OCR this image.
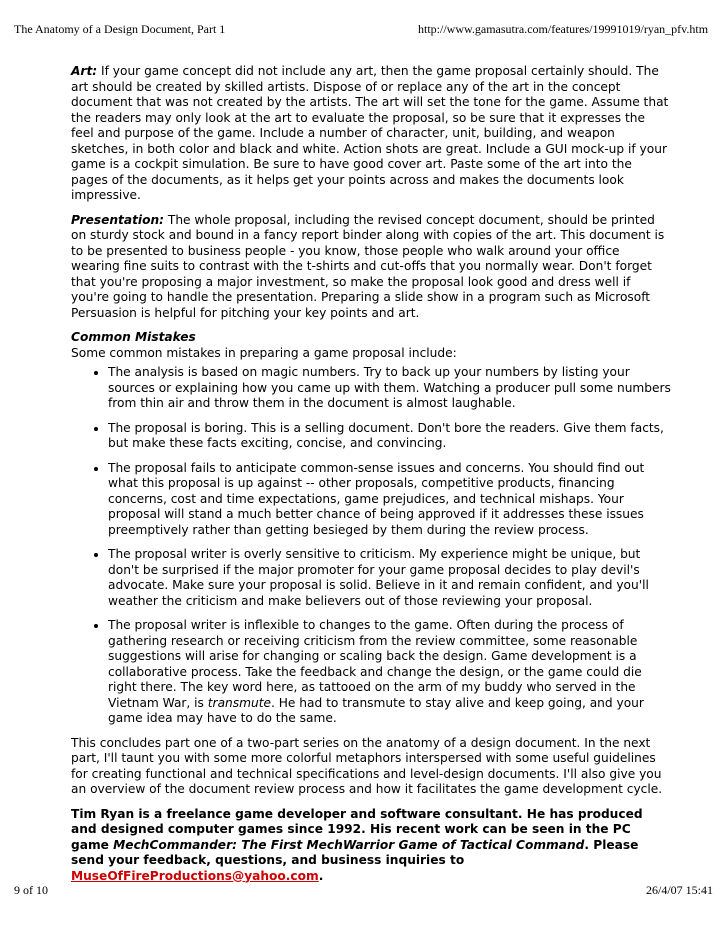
The Anatomy of a Design Document, Part 1	http://www.gamasutra.com/features/19991019/ryan_pfv.htm

Art: If your game concept did not include any art, then the game proposal certainly should. The art should be created by skilled artists. Dispose of or replace any of the art in the concept document that was not created by the artists. The art will set the tone for the game. Assume that the readers may only look at the art to evaluate the proposal, so be sure that it expresses the feel and purpose of the game. Include a number of character, unit, building, and weapon sketches, in both color and black and white. Action shots are great. Include a GUI mock-up if your game is a cockpit simulation. Be sure to have good cover art. Paste some of the art into the pages of the documents, as it helps get your points across and makes the documents look impressive.

Presentation: The whole proposal, including the revised concept document, should be printed on sturdy stock and bound in a fancy report binder along with copies of the art. This document is to be presented to business people - you know, those people who walk around your office wearing fine suits to contrast with the t-shirts and cut-offs that you normally wear. Don't forget that you're proposing a major investment, so make the proposal look good and dress well if you're going to handle the presentation. Preparing a slide show in a program such as Microsoft Persuasion is helpful for pitching your key points and art.

Common Mistakes
Some common mistakes in preparing a game proposal include:

• The analysis is based on magic numbers. Try to back up your numbers by listing your sources or explaining how you came up with them. Watching a producer pull some numbers from thin air and throw them in the document is almost laughable.
• The proposal is boring. This is a selling document. Don't bore the readers. Give them facts, but make these facts exciting, concise, and convincing.
• The proposal fails to anticipate common-sense issues and concerns. You should find out what this proposal is up against -- other proposals, competitive products, financing concerns, cost and time expectations, game prejudices, and technical mishaps. Your proposal will stand a much better chance of being approved if it addresses these issues preemptively rather than getting besieged by them during the review process.
• The proposal writer is overly sensitive to criticism. My experience might be unique, but don't be surprised if the major promoter for your game proposal decides to play devil's advocate. Make sure your proposal is solid. Believe in it and remain confident, and you'll weather the criticism and make believers out of those reviewing your proposal.
• The proposal writer is inflexible to changes to the game. Often during the process of gathering research or receiving criticism from the review committee, some reasonable suggestions will arise for changing or scaling back the design. Game development is a collaborative process. Take the feedback and change the design, or the game could die right there. The key word here, as tattooed on the arm of my buddy who served in the Vietnam War, is transmute. He had to transmute to stay alive and keep going, and your game idea may have to do the same.

This concludes part one of a two-part series on the anatomy of a design document. In the next part, I'll taunt you with some more colorful metaphors interspersed with some useful guidelines for creating functional and technical specifications and level-design documents. I'll also give you an overview of the document review process and how it facilitates the game development cycle.

Tim Ryan is a freelance game developer and software consultant. He has produced and designed computer games since 1992. His recent work can be seen in the PC game MechCommander: The First MechWarrior Game of Tactical Command. Please send your feedback, questions, and business inquiries to MuseOfFireProductions@yahoo.com.

9 of 10	26/4/07 15:41
